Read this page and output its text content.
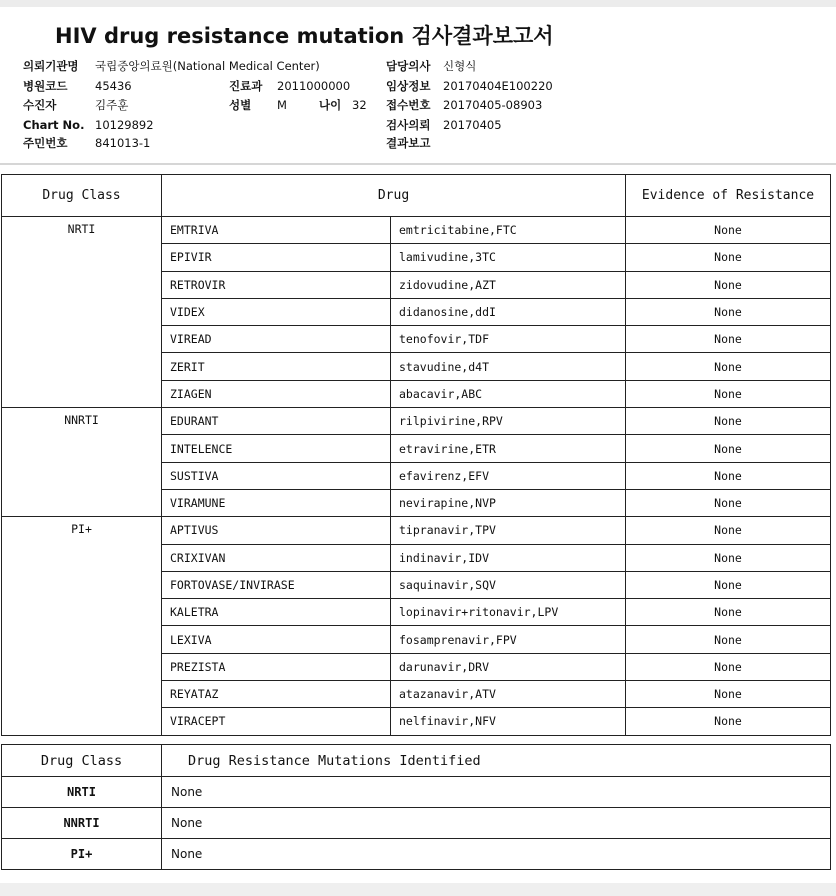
HIV drug resistance mutation 검사결과보고서
의뢰기관명 국립중앙의료원(National Medical Center)
병원코드 45436	진료과 2011000000
수진자	김주훈	성별 M	나이 32
Chart No. 10129892
주민번호 841013-1
담당의사 신형식
임상정보 20170404E100220
접수번호 20170405-08903
검사의뢰 20170405
결과보고
Drug Class	Drug		Evidence of Resistance
NRTI	EMTRIVA	emtricitabine,FTC	None
	EPIVIR	lamivudine,3TC	None
	RETROVIR	zidovudine,AZT	None
	VIDEX	didanosine,ddI	None
	VIREAD	tenofovir,TDF	None
	ZERIT	stavudine,d4T	None
	ZIAGEN	abacavir,ABC	None
NNRTI	EDURANT	rilpivirine,RPV	None
	INTELENCE	etravirine,ETR	None
	SUSTIVA	efavirenz,EFV	None
	VIRAMUNE	nevirapine,NVP	None
PI+	APTIVUS	tipranavir,TPV	None
	CRIXIVAN	indinavir,IDV	None
	FORTOVASE/INVIRASE	saquinavir,SQV	None
	KALETRA	lopinavir+ritonavir,LPV	None
	LEXIVA	fosamprenavir,FPV	None
	PREZISTA	darunavir,DRV	None
	REYATAZ	atazanavir,ATV	None
	VIRACEPT	nelfinavir,NFV	None
Drug Class	Drug Resistance Mutations Identified
NRTI	None
NNRTI	None
PI+	None
